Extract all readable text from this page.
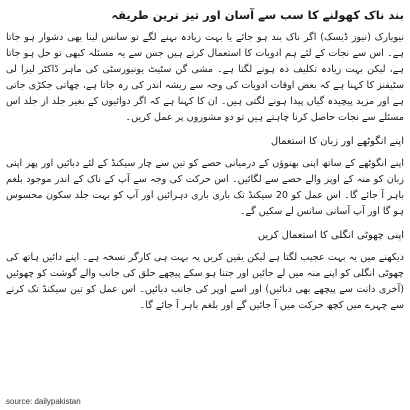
بند ناک کھولنے کا سب سے آسان اور تیز ترین طریقہ

نیویارک (نیوز ڈیسک) اگر ناک بند ہو جائے یا بہت زیادہ بہنے لگے تو سانس لینا بھی دشوار ہو جاتا ہے۔ اس سے نجات کے لئے ہم ادویات کا استعمال کرتے ہیں جس سے یہ مسئلہ کبھی تو حل ہو جاتا ہے، لیکن بہت زیادہ تکلیف دہ ہونے لگتا ہے۔ مشی گن سٹیٹ یونیورسٹی کی ماہر ڈاکٹر لیزا لی سٹیفنز کا کہنا ہے کہ بعض اوقات ادویات کی وجہ سے ریشہ اندر کی رہ جاتا ہے، چھاتی جکڑی جاتی ہے اور مزید پیچیدہ گیاں پیدا ہونے لگتی ہیں۔ ان کا کہنا ہے کہ اگر دوائیوں کے بغیر جلد از جلد اس مسئلے سے نجات حاصل کرنا چاہتے ہیں تو دو مشوروں پر عمل کریں۔

اپنے انگوٹھے اور زبان کا استعمال

اپنے انگوٹھے کے ساتھ اپنی بھنوؤں کے درمیانی حصے کو تین سے چار سیکنڈ کے لئے دبائیں اور پھر اپنی زبان کو منہ کے اوپر والے حصے سے لگائیں۔ اس حرکت کی وجہ سے آپ کے ناک کے اندر موجود بلغم باہر آ جائے گا۔ اس عمل کو 20 سیکنڈ تک باری باری دہرائیں اور آپ کو بہت جلد سکون محسوس ہو گا اور آپ آسانی سانس لے سکیں گے۔

اپنی چھوٹی انگلی کا استعمال کریں

دیکھنے میں یہ بہت عجیب لگتا ہے لیکن یقین کریں یہ بہت ہی کارگر نسخہ ہے۔ اپنے دائیں ہاتھ کی چھوٹی انگلی کو اپنے منہ میں لے جائیں اور جتنا ہو سکے پیچھے حلق کی جانب والے گوشت کو چھوئیں (آخری دانت سے پیچھے بھی دبائیں) اور اسے اوپر کی جانب دبائیں۔ اس عمل کو تین سیکنڈ تک کرنے سے چہرے میں کچھ حرکت میں آ جائیں گے اور بلغم باہر آ جائے گا۔

source: dailypakistan
